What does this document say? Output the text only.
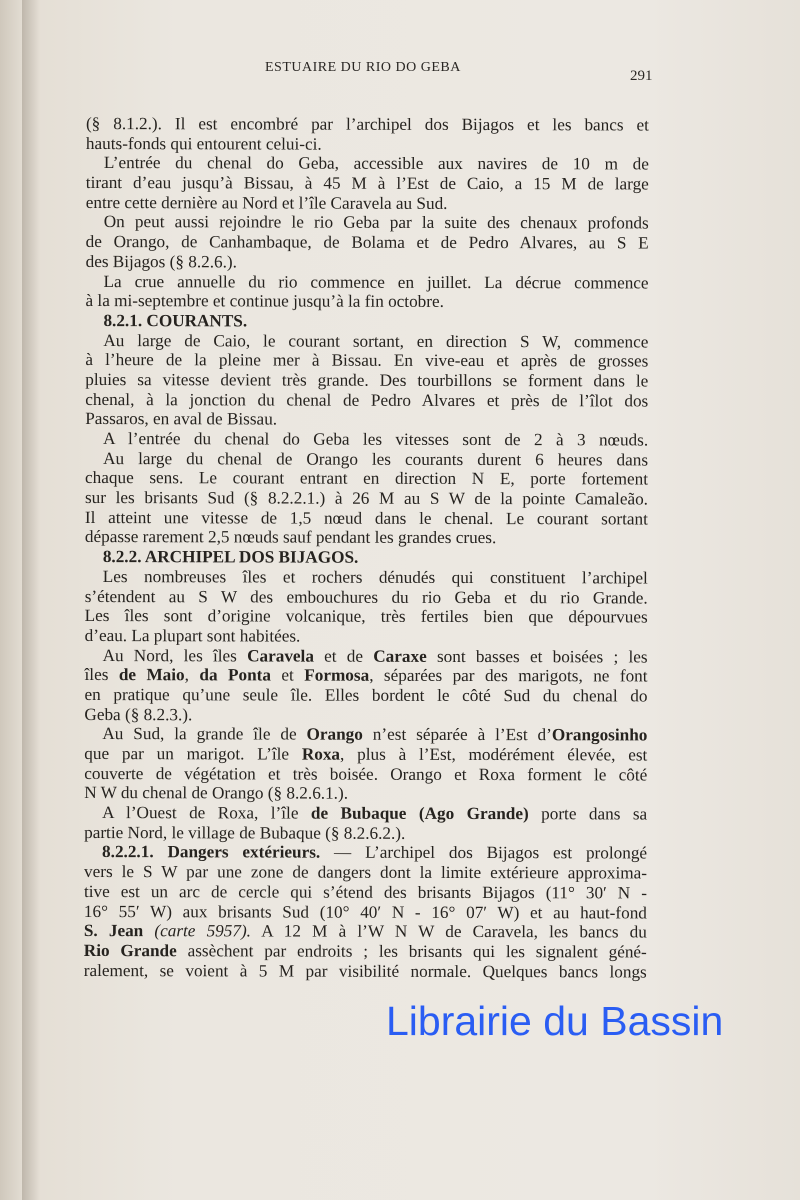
ESTUAIRE DU RIO DO GEBA
291
(§ 8.1.2.). Il est encombré par l’archipel dos Bijagos et les bancs et
hauts-fonds qui entourent celui-ci.
L’entrée du chenal do Geba, accessible aux navires de 10 m de
tirant d’eau jusqu’à Bissau, à 45 M à l’Est de Caio, a 15 M de large
entre cette dernière au Nord et l’île Caravela au Sud.
On peut aussi rejoindre le rio Geba par la suite des chenaux profonds
de Orango, de Canhambaque, de Bolama et de Pedro Alvares, au S E
des Bijagos (§ 8.2.6.).
La crue annuelle du rio commence en juillet. La décrue commence
à la mi-septembre et continue jusqu’à la fin octobre.
8.2.1. COURANTS.
Au large de Caio, le courant sortant, en direction S W, commence
à l’heure de la pleine mer à Bissau. En vive-eau et après de grosses
pluies sa vitesse devient très grande. Des tourbillons se forment dans le
chenal, à la jonction du chenal de Pedro Alvares et près de l’îlot dos
Passaros, en aval de Bissau.
A l’entrée du chenal do Geba les vitesses sont de 2 à 3 nœuds.
Au large du chenal de Orango les courants durent 6 heures dans
chaque sens. Le courant entrant en direction N E, porte fortement
sur les brisants Sud (§ 8.2.2.1.) à 26 M au S W de la pointe Camaleão.
Il atteint une vitesse de 1,5 nœud dans le chenal. Le courant sortant
dépasse rarement 2,5 nœuds sauf pendant les grandes crues.
8.2.2. ARCHIPEL DOS BIJAGOS.
Les nombreuses îles et rochers dénudés qui constituent l’archipel
s’étendent au S W des embouchures du rio Geba et du rio Grande.
Les îles sont d’origine volcanique, très fertiles bien que dépourvues
d’eau. La plupart sont habitées.
Au Nord, les îles Caravela et de Caraxe sont basses et boisées ; les
îles de Maio, da Ponta et Formosa, séparées par des marigots, ne font
en pratique qu’une seule île. Elles bordent le côté Sud du chenal do
Geba (§ 8.2.3.).
Au Sud, la grande île de Orango n’est séparée à l’Est d’Orangosinho
que par un marigot. L’île Roxa, plus à l’Est, modérément élevée, est
couverte de végétation et très boisée. Orango et Roxa forment le côté
N W du chenal de Orango (§ 8.2.6.1.).
A l’Ouest de Roxa, l’île de Bubaque (Ago Grande) porte dans sa
partie Nord, le village de Bubaque (§ 8.2.6.2.).
8.2.2.1. Dangers extérieurs. — L’archipel dos Bijagos est prolongé
vers le S W par une zone de dangers dont la limite extérieure approxima-
tive est un arc de cercle qui s’étend des brisants Bijagos (11° 30′ N -
16° 55′ W) aux brisants Sud (10° 40′ N - 16° 07′ W) et au haut-fond
S. Jean (carte 5957). A 12 M à l’W N W de Caravela, les bancs du
Rio Grande assèchent par endroits ; les brisants qui les signalent géné-
ralement, se voient à 5 M par visibilité normale. Quelques bancs longs
Librairie du Bassin
